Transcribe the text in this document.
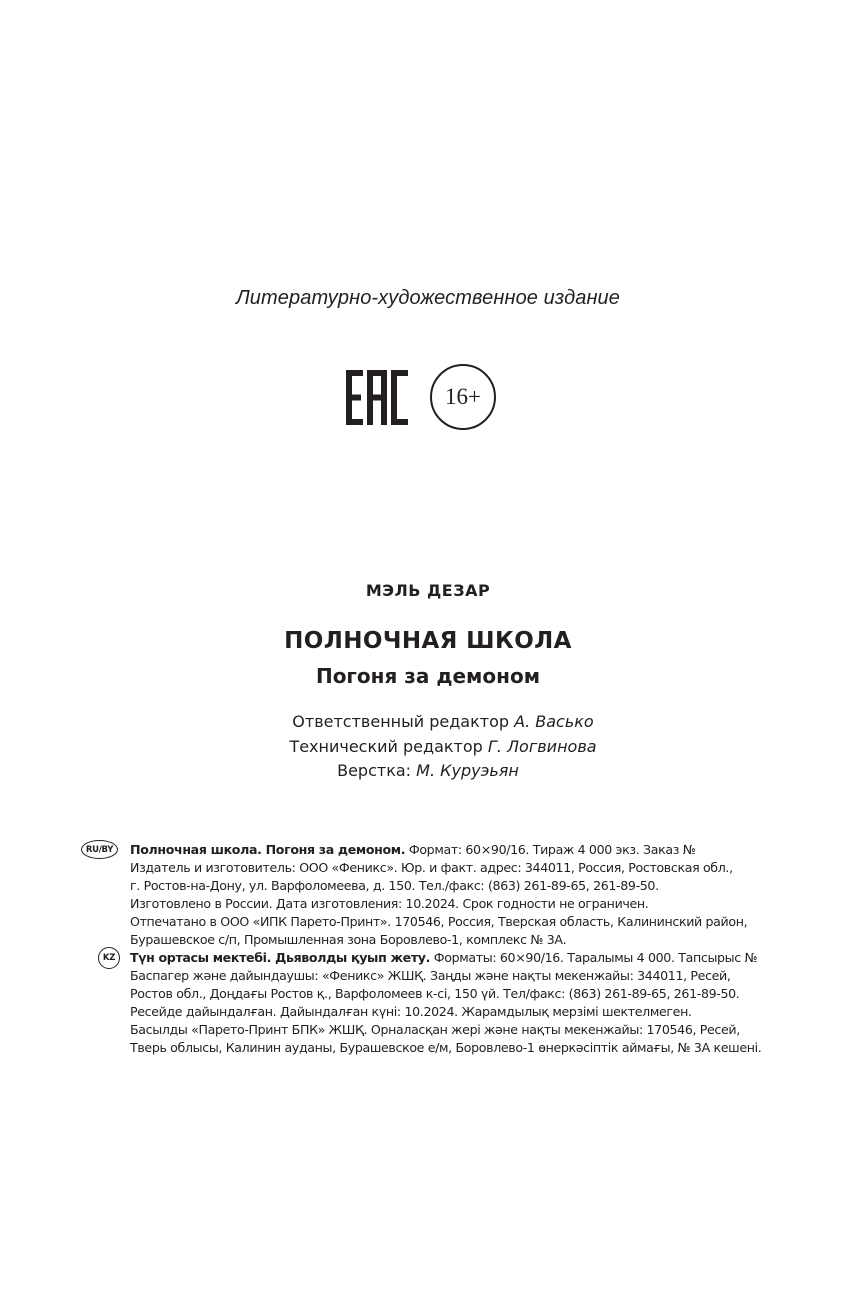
Литературно-художественное издание
16+
МЭЛЬ ДЕЗАР
ПОЛНОЧНАЯ ШКОЛА
Погоня за демоном
Ответственный редактор А. Васько
Технический редактор Г. Логвинова
Верстка: М. Куруэьян
RU/BY	Полночная школа. Погоня за демоном. Формат: 60×90/16. Тираж 4 000 экз. Заказ №
Издатель и изготовитель: ООО «Феникс». Юр. и факт. адрес: 344011, Россия, Ростовская обл.,
г. Ростов-на-Дону, ул. Варфоломеева, д. 150. Тел./факс: (863) 261-89-65, 261-89-50.
Изготовлено в России. Дата изготовления: 10.2024. Срок годности не ограничен.
Отпечатано в ООО «ИПК Парето-Принт». 170546, Россия, Тверская область, Калининский район,
Бурашевское с/п, Промышленная зона Боровлево-1, комплекс № 3А.
KZ	Түн ортасы мектебі. Дьяволды қуып жету. Форматы: 60×90/16. Таралымы 4 000. Тапсырыс №
Баспагер және дайындаушы: «Феникс» ЖШҚ. Заңды және нақты мекенжайы: 344011, Ресей,
Ростов обл., Доңдағы Ростов қ., Варфоломеев к-сі, 150 үй. Тел/факс: (863) 261-89-65, 261-89-50.
Ресейде дайындалған. Дайындалған күні: 10.2024. Жарамдылық мерзімі шектелмеген.
Басылды «Парето-Принт БПК» ЖШҚ. Орналасқан жері және нақты мекенжайы: 170546, Ресей,
Тверь облысы, Калинин ауданы, Бурашевское е/м, Боровлево-1 өнеркәсіптік аймағы, № 3А кешені.
